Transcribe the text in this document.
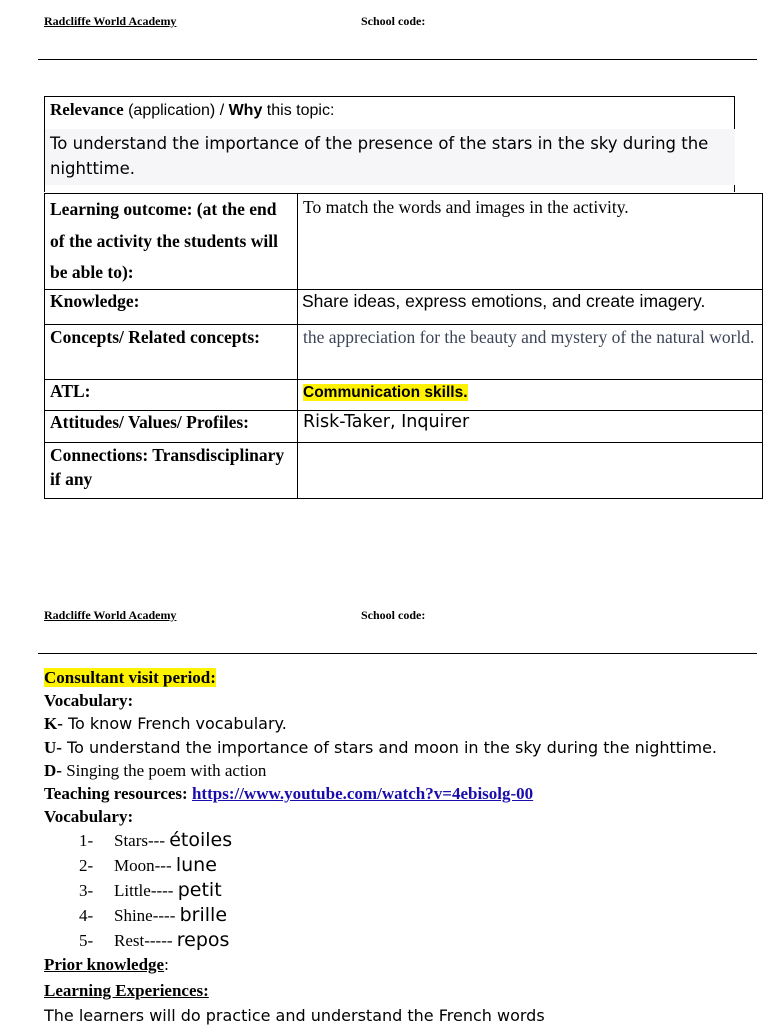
Radcliffe World Academy	School code:
Relevance (application) / Why this topic:
To understand the importance of the presence of the stars in the sky during the nighttime.
Learning outcome: (at the end of the activity the students will be able to):	To match the words and images in the activity.
Knowledge:	Share ideas, express emotions, and create imagery.
Concepts/ Related concepts:	the appreciation for the beauty and mystery of the natural world.
ATL:	Communication skills.
Attitudes/ Values/ Profiles:	Risk-Taker, Inquirer
Connections: Transdisciplinary if any	
Radcliffe World Academy	School code:
Consultant visit period:
Vocabulary:
K- To know French vocabulary.
U- To understand the importance of stars and moon in the sky during the nighttime.
D- Singing the poem with action
Teaching resources: https://www.youtube.com/watch?v=4ebisolg-00
Vocabulary:
1- Stars--- étoiles
2- Moon--- lune
3- Little---- petit
4- Shine---- brille
5- Rest----- repos
Prior knowledge:
Learning Experiences:
The learners will do practice and understand the French words
